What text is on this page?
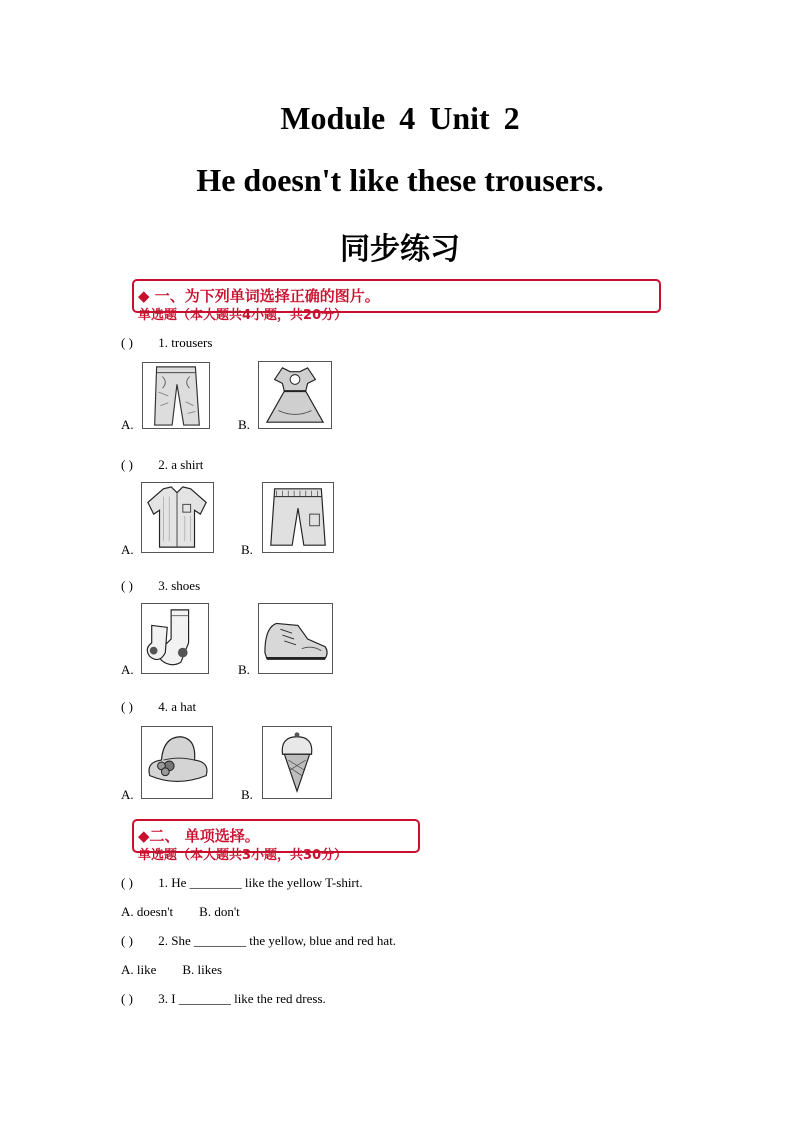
Module 4 Unit 2
He doesn't like these trousers.
同步练习
◆ 一、为下列单词选择正确的图片。
单选题（本大题共4小题，共20分）
( ) 1. trousers
A.	B.
( ) 2. a shirt
A.	B.
( ) 3. shoes
A.	B.
( ) 4. a hat
A.	B.
◆二、 单项选择。
单选题（本大题共3小题，共30分）
( ) 1. He ________ like the yellow T-shirt.
A. doesn't B. don't
( ) 2. She ________ the yellow, blue and red hat.
A. like B. likes
( ) 3. I ________ like the red dress.
